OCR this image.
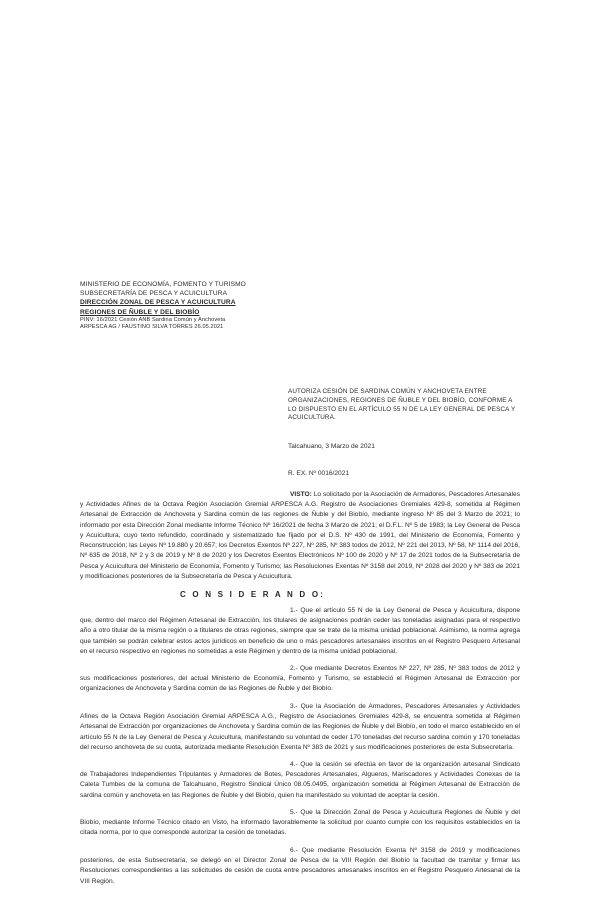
MINISTERIO DE ECONOMÍA, FOMENTO Y TURISMO
SUBSECRETARÍA DE PESCA Y ACUICULTURA
DIRECCIÓN ZONAL DE PESCA Y ACUICULTURA
REGIONES DE ÑUBLE Y DEL BIOBÍO
PINV: 16/2021 Cesión ANB Sardina Común y Anchoveta
ARPESCA AG / FAUSTINO SILVA TORRES 26.05.2021
AUTORIZA CESIÓN DE SARDINA COMÚN Y ANCHOVETA ENTRE ORGANIZACIONES, REGIONES DE ÑUBLE Y DEL BIOBÍO, CONFORME A LO DISPUESTO EN EL ARTÍCULO 55 N DE LA LEY GENERAL DE PESCA Y ACUICULTURA.
Talcahuano, 3 Marzo de 2021
R. EX. Nº 0016/2021
VISTO: Lo solicitado por la Asociación de Armadores, Pescadores Artesanales y Actividades Afines de la Octava Región Asociación Gremial ARPESCA A.G. Registro de Asociaciones Gremiales 429-8, sometida al Régimen Artesanal de Extracción de Anchoveta y Sardina común de las regiones de Ñuble y del Biobío, mediante ingreso Nº 85 del 3 Marzo de 2021; lo informado por esta Dirección Zonal mediante Informe Técnico Nº 16/2021 de fecha 3 Marzo de 2021; el D.F.L. Nº 5 de 1983; la Ley General de Pesca y Acuicultura, cuyo texto refundido, coordinado y sistematizado fue fijado por el D.S. Nº 430 de 1991, del Ministerio de Economía, Fomento y Reconstrucción; las Leyes Nº 19.880 y 20.657; los Decretos Exentos Nº 227, Nº 285, Nº 383 todos de 2012, Nº 221 del 2013, Nº 58, Nº 1114 del 2016, Nº 635 de 2018, Nº 2 y 3 de 2019 y Nº 8 de 2020 y los Decretos Exentos Electrónicos Nº 100 de 2020 y Nº 17 de 2021 todos de la Subsecretaría de Pesca y Acuicultura del Ministerio de Economía, Fomento y Turismo; las Resoluciones Exentas Nº 3158 del 2019, Nº 2028 del 2020 y Nº 383 de 2021 y modificaciones posteriores de la Subsecretaría de Pesca y Acuicultura.
C O N S I D E R A N D O:
1.- Que el artículo 55 N de la Ley General de Pesca y Acuicultura, dispone que, dentro del marco del Régimen Artesanal de Extracción, los titulares de asignaciones podrán ceder las toneladas asignadas para el respectivo año a otro titular de la misma región o a titulares de otras regiones, siempre que se trate de la misma unidad poblacional. Asimismo, la norma agrega que también se podrán celebrar estos actos jurídicos en beneficio de uno o más pescadores artesanales inscritos en el Registro Pesquero Artesanal en el recurso respectivo en regiones no sometidas a este Régimen y dentro de la misma unidad poblacional.
2.- Que mediante Decretos Exentos Nº 227, Nº 285, Nº 383 todos de 2012 y sus modificaciones posteriores, del actual Ministerio de Economía, Fomento y Turismo, se estableció el Régimen Artesanal de Extracción por organizaciones de Anchoveta y Sardina común de las Regiones de Ñuble y del Biobío.
3.- Que la Asociación de Armadores, Pescadores Artesanales y Actividades Afines de la Octava Región Asociación Gremial ARPESCA A.G., Registro de Asociaciones Gremiales 429-8, se encuentra sometida al Régimen Artesanal de Extracción por organizaciones de Anchoveta y Sardina común de las Regiones de Ñuble y del Biobío, en todo el marco establecido en el artículo 55 N de la Ley General de Pesca y Acuicultura, manifestando su voluntad de ceder 170 toneladas del recurso sardina común y 170 toneladas del recurso anchoveta de su cuota, autorizada mediante Resolución Exenta Nº 383 de 2021 y sus modificaciones posteriores de esta Subsecretaría.
4.- Que la cesión se efectúa en favor de la organización artesanal Sindicato de Trabajadores Independientes Tripulantes y Armadores de Botes, Pescadores Artesanales, Algueros, Mariscadores y Actividades Conexas de la Caleta Tumbes de la comuna de Talcahuano, Registro Sindical Único 08.05.0495, organización sometida al Régimen Artesanal de Extracción de sardina común y anchoveta en las Regiones de Ñuble y del Biobío, quien ha manifestado su voluntad de aceptar la cesión.
5.- Que la Dirección Zonal de Pesca y Acuicultura Regiones de Ñuble y del Biobío, mediante Informe Técnico citado en Visto, ha informado favorablemente la solicitud por cuanto cumple con los requisitos establecidos en la citada norma, por lo que corresponde autorizar la cesión de toneladas.
6.- Que mediante Resolución Exenta Nº 3158 de 2019 y modificaciones posteriores, de esta Subsecretaría, se delegó en el Director Zonal de Pesca de la VIII Región del Biobío la facultad de tramitar y firmar las Resoluciones correspondientes a las solicitudes de cesión de cuota entre pescadores artesanales inscritos en el Registro Pesquero Artesanal de la VIII Región.
